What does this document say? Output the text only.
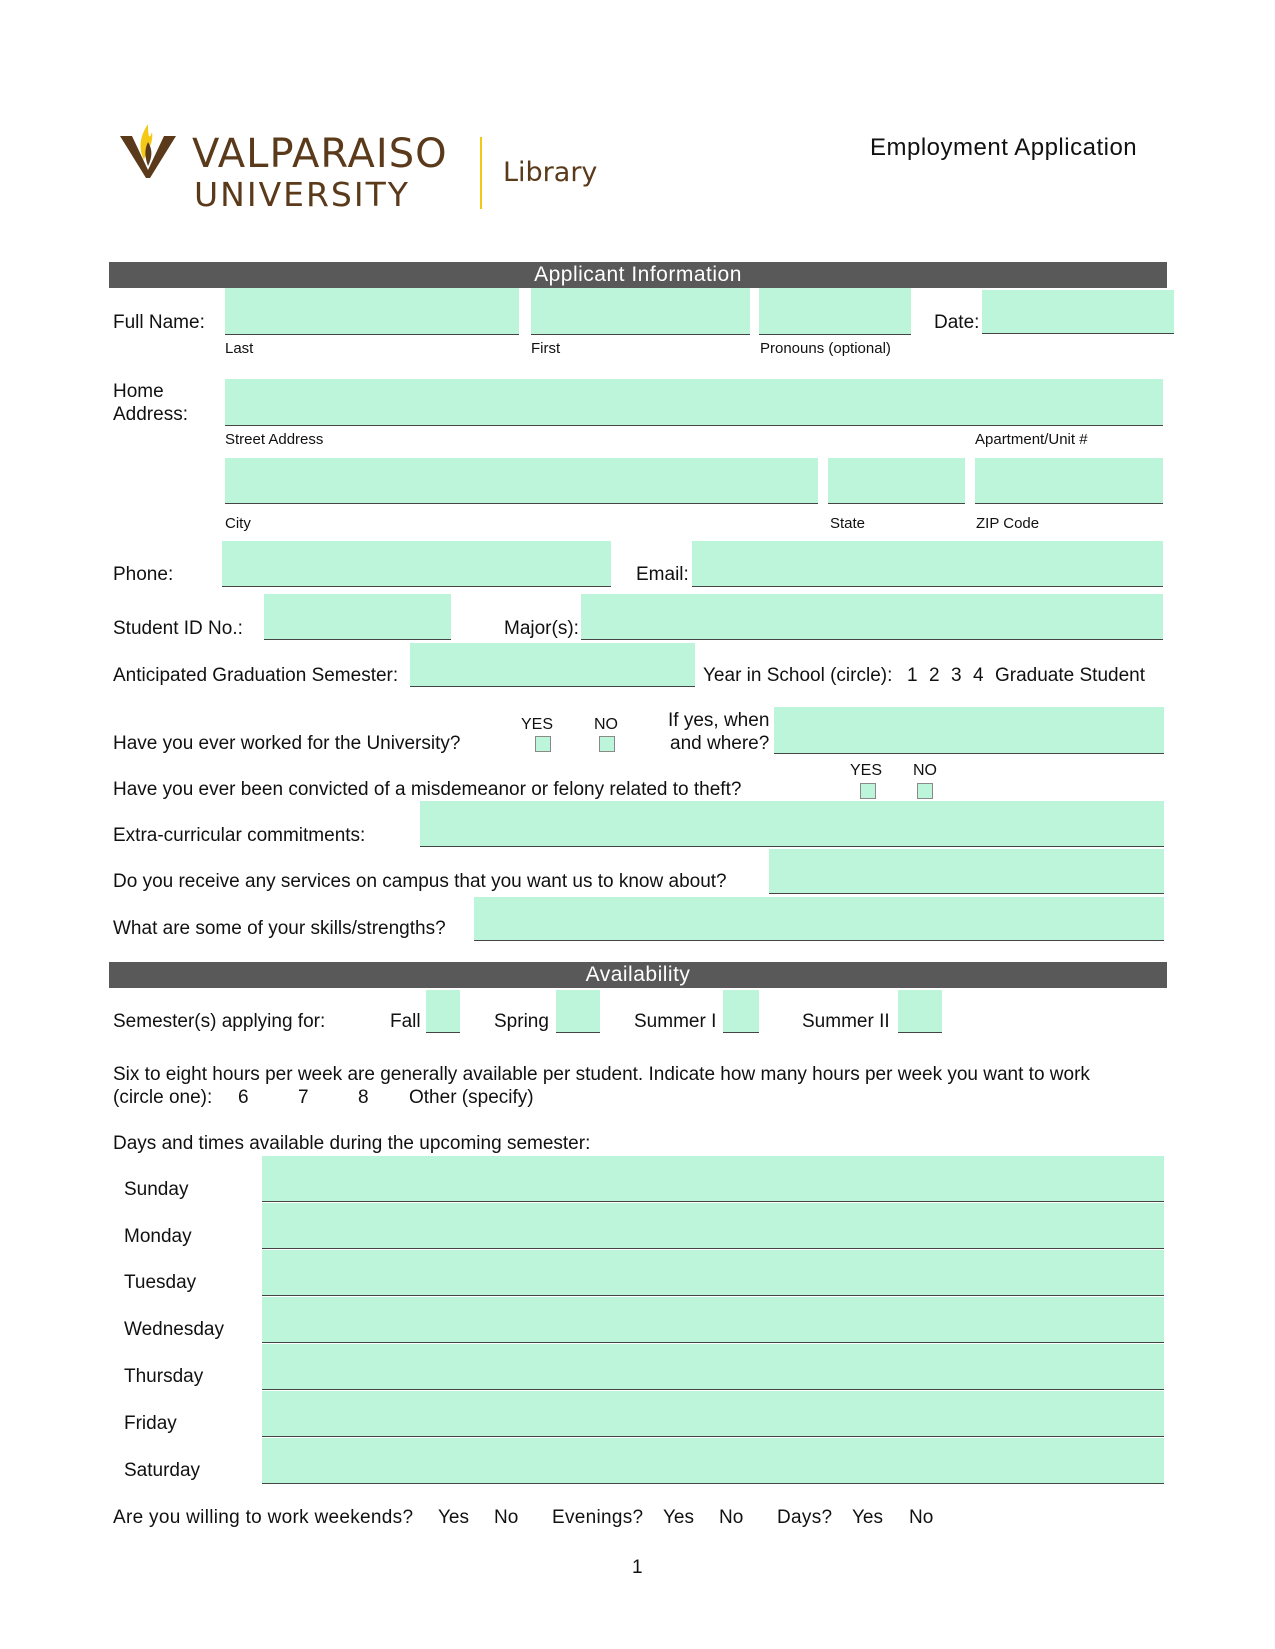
VALPARAISO
UNIVERSITY
Library
Employment Application
Applicant Information
Full Name:	Date:
Last	First	Pronouns (optional)
Home
Address:
Street Address	Apartment/Unit #
City	State	ZIP Code
Phone:	Email:
Student ID No.:	Major(s):
Anticipated Graduation Semester:	Year in School (circle): 1 2 3 4 Graduate Student
Have you ever worked for the University?
YES	NO	If yes, when
and where?
Have you ever been convicted of a misdemeanor or felony related to theft?
YES NO
Extra-curricular commitments:
Do you receive any services on campus that you want us to know about?
What are some of your skills/strengths?
Availability
Semester(s) applying for:	Fall	Spring	Summer I	Summer II
Six to eight hours per week are generally available per student. Indicate how many hours per week you want to work
(circle one): 6	7	8 Other (specify)
Days and times available during the upcoming semester:
Sunday
Monday
Tuesday
Wednesday
Thursday
Friday
Saturday
Are you willing to work weekends? Yes No Evenings? Yes No Days? Yes No
1
